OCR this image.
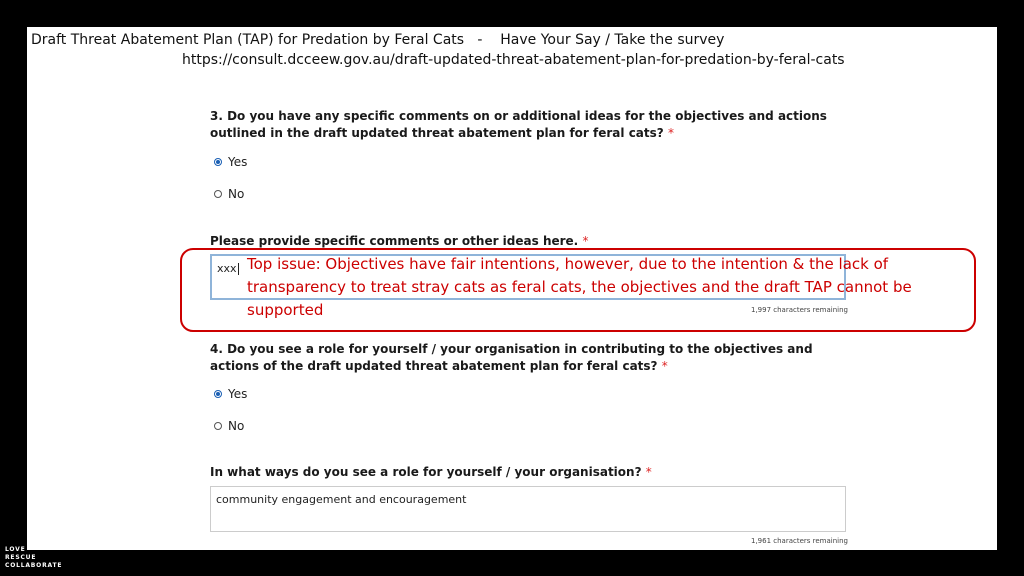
Draft Threat Abatement Plan (TAP) for Predation by Feral Cats   -    Have Your Say / Take the survey
https://consult.dcceew.gov.au/draft-updated-threat-abatement-plan-for-predation-by-feral-cats
3. Do you have any specific comments on or additional ideas for the objectives and actions outlined in the draft updated threat abatement plan for feral cats? *
Yes
No
Please provide specific comments or other ideas here. *
xxx
1,997 characters remaining
Top issue: Objectives have fair intentions, however, due to the intention & the lack of transparency to treat stray cats as feral cats, the objectives and the draft TAP cannot be supported
4. Do you see a role for yourself / your organisation in contributing to the objectives and actions of the draft updated threat abatement plan for feral cats? *
Yes
No
In what ways do you see a role for yourself / your organisation? *
community engagement and encouragement
1,961 characters remaining
LOVE
RESCUE
COLLABORATE
